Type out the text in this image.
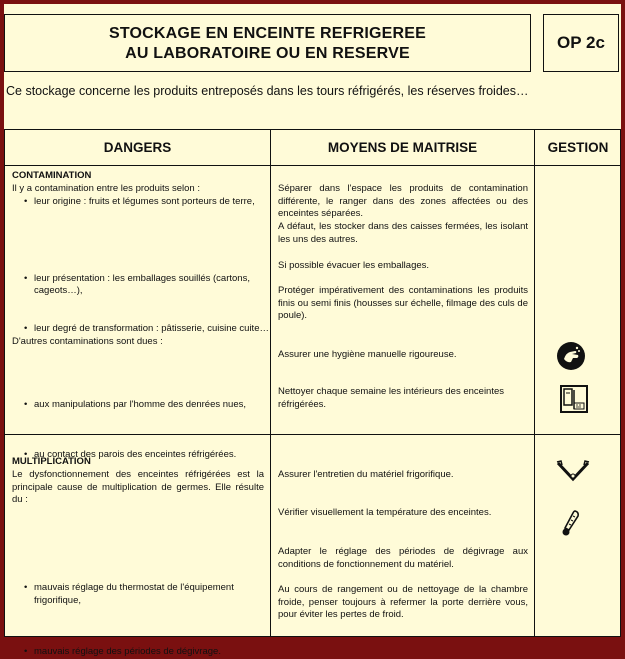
STOCKAGE EN ENCEINTE REFRIGEREE
AU LABORATOIRE OU EN RESERVE
OP 2c
Ce stockage concerne les produits entreposés dans les tours réfrigérés, les réserves froides…
DANGERS	MOYENS DE MAITRISE	GESTION
CONTAMINATION
Il y a contamination entre les produits selon :
• leur origine : fruits et légumes sont porteurs de terre,
• leur présentation : les emballages souillés (cartons, cageots…),
• leur degré de transformation : pâtisserie, cuisine cuite…
D'autres contaminations sont dues :
• aux manipulations par l'homme des denrées nues,
• au contact des parois des enceintes réfrigérées.
Séparer dans l'espace les produits de contamination différente, le ranger dans des zones affectées ou des enceintes séparées.
A défaut, les stocker dans des caisses fermées, les isolant les uns des autres.
Si possible évacuer les emballages.
Protéger impérativement des contaminations les produits finis ou semi finis (housses sur échelle, filmage des culs de poule).
Assurer une hygiène manuelle rigoureuse.
Nettoyer chaque semaine les intérieurs des enceintes réfrigérées.
MULTIPLICATION
Le dysfonctionnement des enceintes réfrigérées est la principale cause de multiplication de germes. Elle résulte du :
• mauvais réglage du thermostat de l'équipement frigorifique,
• mauvais réglage des périodes de dégivrage.
Assurer l'entretien du matériel frigorifique.
Vérifier visuellement la température des enceintes.
Adapter le réglage des périodes de dégivrage aux conditions de fonctionnement du matériel.
Au cours de rangement ou de nettoyage de la chambre froide, penser toujours à refermer la porte derrière vous, pour éviter les pertes de froid.
